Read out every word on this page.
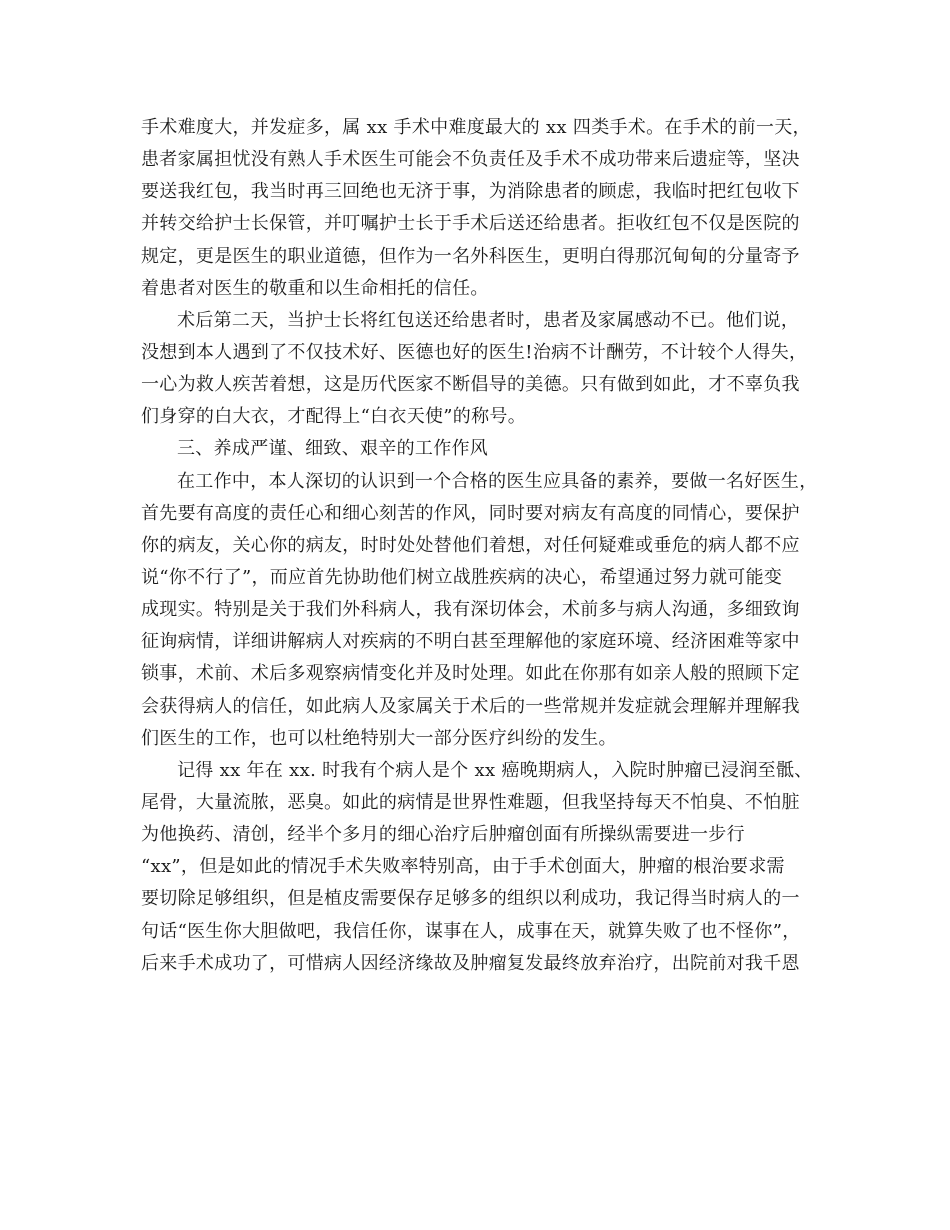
手术难度大，并发症多，属 xx 手术中难度最大的 xx 四类手术。在手术的前一天，
患者家属担忧没有熟人手术医生可能会不负责任及手术不成功带来后遗症等，坚决
要送我红包，我当时再三回绝也无济于事，为消除患者的顾虑，我临时把红包收下
并转交给护士长保管，并叮嘱护士长于手术后送还给患者。拒收红包不仅是医院的
规定，更是医生的职业道德，但作为一名外科医生，更明白得那沉甸甸的分量寄予
着患者对医生的敬重和以生命相托的信任。
术后第二天，当护士长将红包送还给患者时，患者及家属感动不已。他们说，
没想到本人遇到了不仅技术好、医德也好的医生!治病不计酬劳，不计较个人得失，
一心为救人疾苦着想，这是历代医家不断倡导的美德。只有做到如此，才不辜负我
们身穿的白大衣，才配得上“白衣天使”的称号。
三、养成严谨、细致、艰辛的工作作风
在工作中，本人深切的认识到一个合格的医生应具备的素养，要做一名好医生，
首先要有高度的责任心和细心刻苦的作风，同时要对病友有高度的同情心，要保护
你的病友，关心你的病友，时时处处替他们着想，对任何疑难或垂危的病人都不应
说“你不行了”，而应首先协助他们树立战胜疾病的决心，希望通过努力就可能变
成现实。特别是关于我们外科病人，我有深切体会，术前多与病人沟通，多细致询
征询病情，详细讲解病人对疾病的不明白甚至理解他的家庭环境、经济困难等家中
锁事，术前、术后多观察病情变化并及时处理。如此在你那有如亲人般的照顾下定
会获得病人的信任，如此病人及家属关于术后的一些常规并发症就会理解并理解我
们医生的工作，也可以杜绝特别大一部分医疗纠纷的发生。
记得 xx 年在 xx. 时我有个病人是个 xx 癌晚期病人，入院时肿瘤已浸润至骶、
尾骨，大量流脓，恶臭。如此的病情是世界性难题，但我坚持每天不怕臭、不怕脏
为他换药、清创，经半个多月的细心治疗后肿瘤创面有所操纵需要进一步行
“xx”，但是如此的情况手术失败率特别高，由于手术创面大，肿瘤的根治要求需
要切除足够组织，但是植皮需要保存足够多的组织以利成功，我记得当时病人的一
句话“医生你大胆做吧，我信任你，谋事在人，成事在天，就算失败了也不怪你”，
后来手术成功了，可惜病人因经济缘故及肿瘤复发最终放弃治疗，出院前对我千恩
